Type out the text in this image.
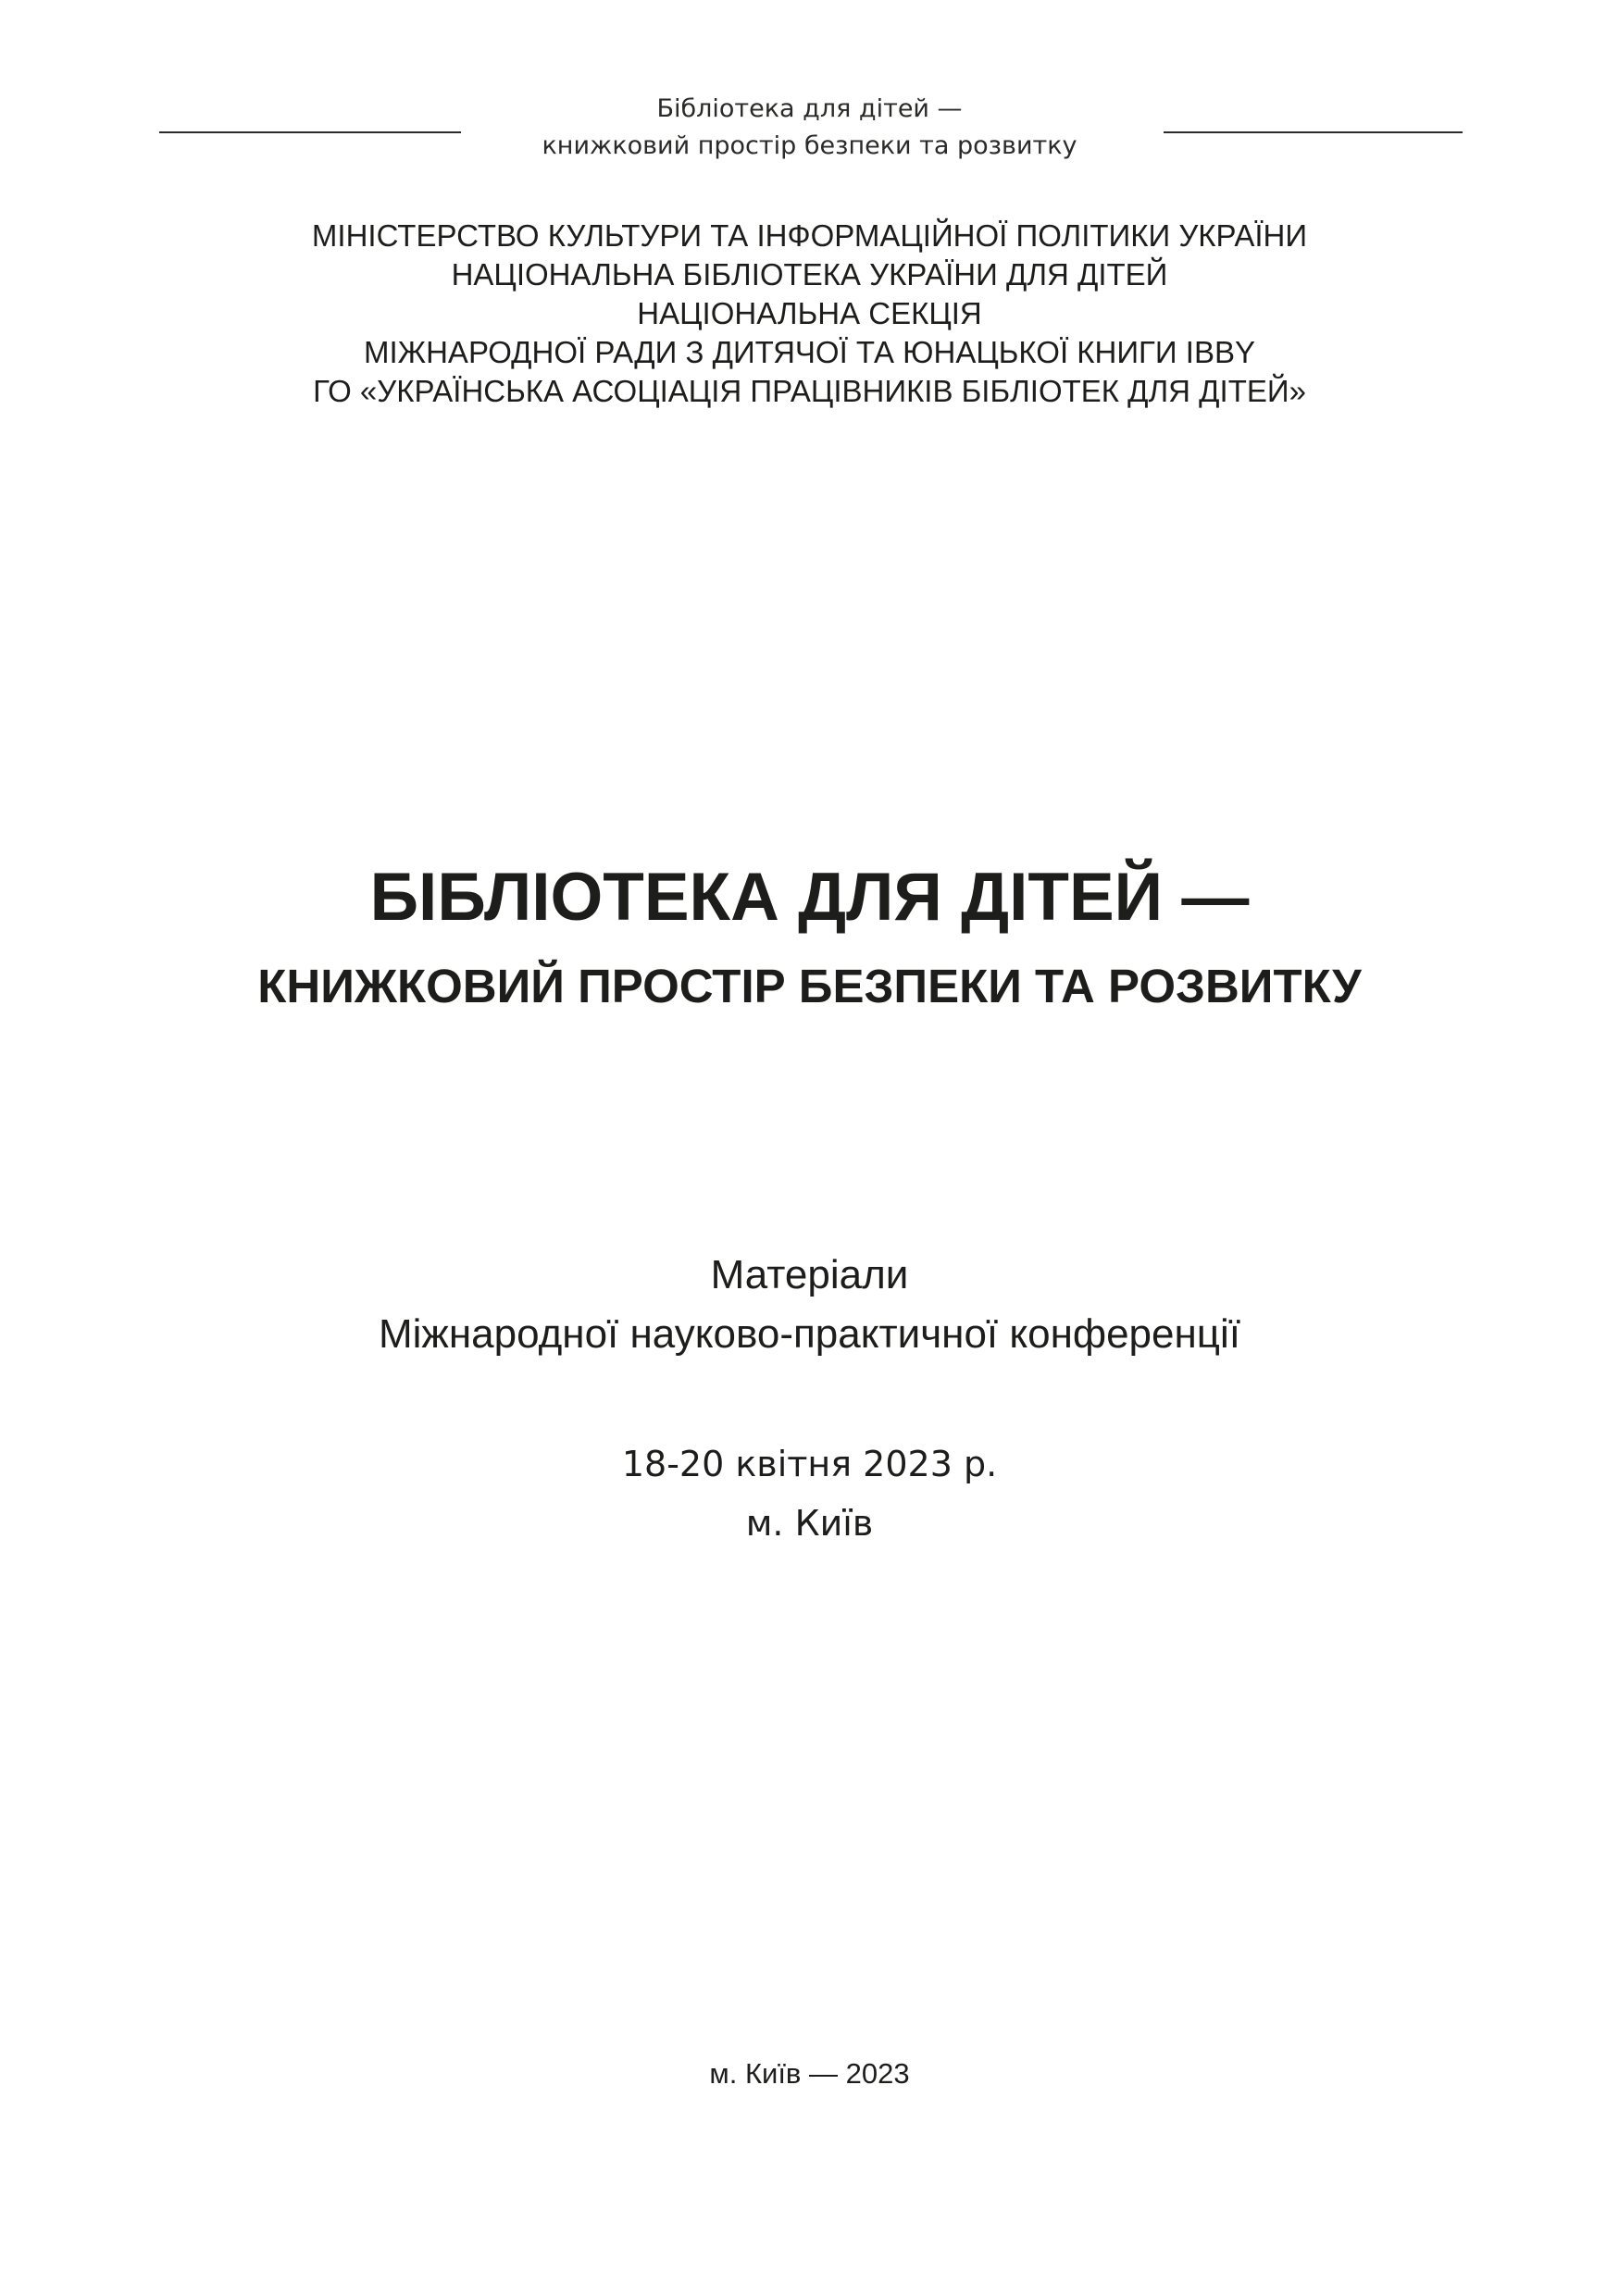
Бібліотека для дітей —
книжковий простір безпеки та розвитку
МІНІСТЕРСТВО КУЛЬТУРИ ТА ІНФОРМАЦІЙНОЇ ПОЛІТИКИ УКРАЇНИ
НАЦІОНАЛЬНА БІБЛІОТЕКА УКРАЇНИ ДЛЯ ДІТЕЙ
НАЦІОНАЛЬНА СЕКЦІЯ
МІЖНАРОДНОЇ РАДИ З ДИТЯЧОЇ ТА ЮНАЦЬКОЇ КНИГИ IBBY
ГО «УКРАЇНСЬКА АСОЦІАЦІЯ ПРАЦІВНИКІВ БІБЛІОТЕК ДЛЯ ДІТЕЙ»
БІБЛІОТЕКА ДЛЯ ДІТЕЙ —
КНИЖКОВИЙ ПРОСТІР БЕЗПЕКИ ТА РОЗВИТКУ
Матеріали
Міжнародної науково-практичної конференції
18-20 квітня 2023 р.
м. Київ
м. Київ — 2023
